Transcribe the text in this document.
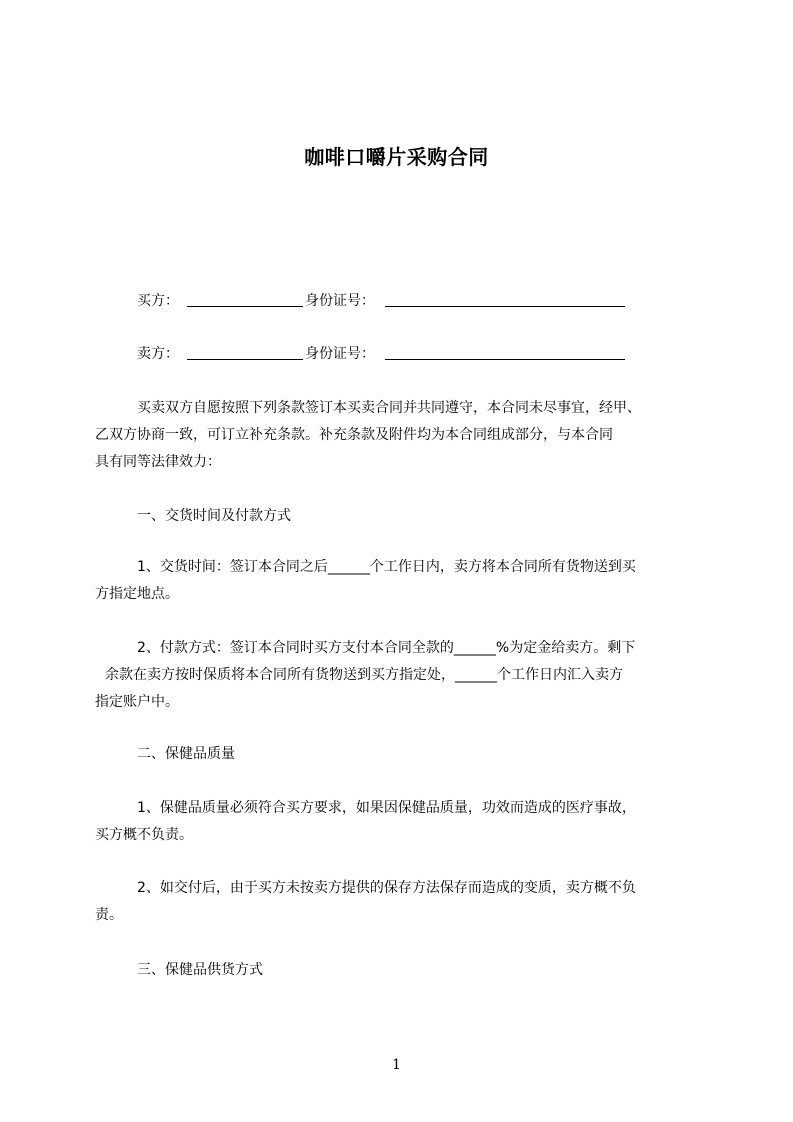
咖啡口嚼片采购合同
买方：	身份证号：
卖方：	身份证号：
买卖双方自愿按照下列条款签订本买卖合同并共同遵守，本合同未尽事宜，经甲、
乙双方协商一致，可订立补充条款。补充条款及附件均为本合同组成部分，与本合同
具有同等法律效力：
一、交货时间及付款方式
1、交货时间：签订本合同之后______个工作日内，卖方将本合同所有货物送到买
方指定地点。
2、付款方式：签订本合同时买方支付本合同全款的______%为定金给卖方。剩下
余款在卖方按时保质将本合同所有货物送到买方指定处，______个工作日内汇入卖方
指定账户中。
二、保健品质量
1、保健品质量必须符合买方要求，如果因保健品质量，功效而造成的医疗事故，
买方概不负责。
2、如交付后，由于买方未按卖方提供的保存方法保存而造成的变质，卖方概不负
责。
三、保健品供货方式
1
